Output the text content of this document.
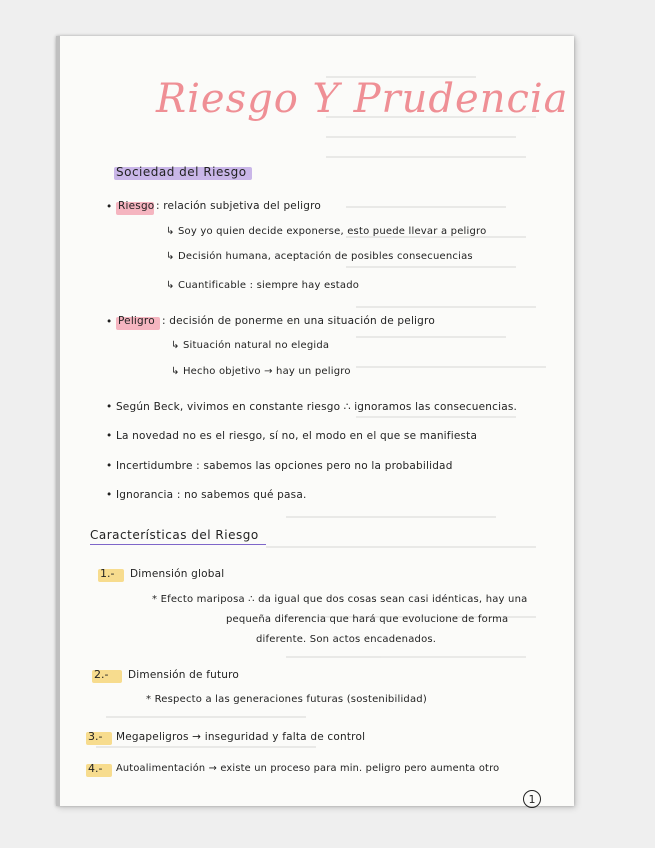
Riesgo Y Prudencia
Sociedad del Riesgo
• Riesgo : relación subjetiva del peligro
↳ Soy yo quien decide exponerse, esto puede llevar a peligro
↳ Decisión humana, aceptación de posibles consecuencias
↳ Cuantificable : siempre hay estado
• Peligro : decisión de ponerme en una situación de peligro
↳ Situación natural no elegida
↳ Hecho objetivo → hay un peligro
• Según Beck, vivimos en constante riesgo ∴ ignoramos las consecuencias.
• La novedad no es el riesgo, sí no, el modo en el que se manifiesta
• Incertidumbre : sabemos las opciones pero no la probabilidad
• Ignorancia : no sabemos qué pasa.
Características del Riesgo
1.- Dimensión global
* Efecto mariposa ∴ da igual que dos cosas sean casi idénticas, hay una
pequeña diferencia que hará que evolucione de forma
diferente. Son actos encadenados.
2.- Dimensión de futuro
* Respecto a las generaciones futuras (sostenibilidad)
3.- Megapeligros → inseguridad y falta de control
4.- Autoalimentación → existe un proceso para min. peligro pero aumenta otro
1
